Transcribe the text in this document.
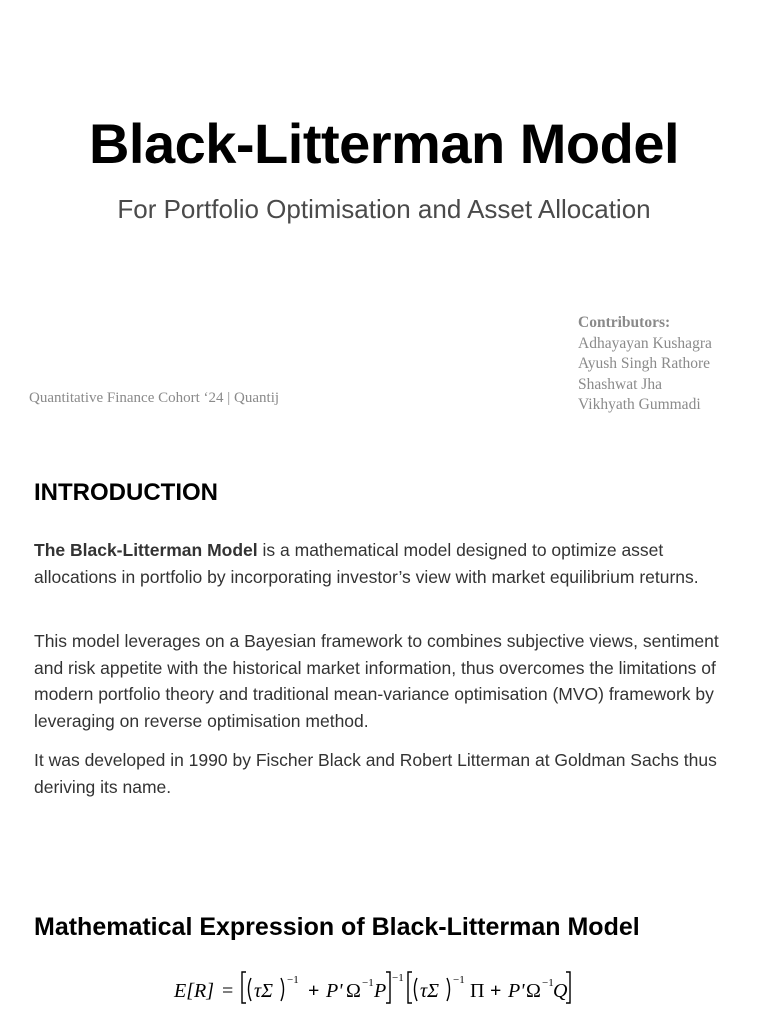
Black-Litterman Model

For Portfolio Optimisation and Asset Allocation

Quantitative Finance Cohort ‘24 | Quantij
Contributors:
Adhayayan Kushagra
Ayush Singh Rathore
Shashwat Jha
Vikhyath Gummadi
INTRODUCTION

The Black-Litterman Model is a mathematical model designed to optimize asset allocations in portfolio by incorporating investor’s view with market equilibrium returns.

This model leverages on a Bayesian framework to combines subjective views, sentiment and risk appetite with the historical market information, thus overcomes the limitations of modern portfolio theory and traditional mean-variance optimisation (MVO) framework by leveraging on reverse optimisation method.

It was developed in 1990 by Fischer Black and Robert Litterman at Goldman Sachs thus deriving its name.

Mathematical Expression of Black-Litterman Model
E[R] = τΣ −1 + P' Ω −1 P
−1
τΣ −1 Π + P' Ω −1 Q
